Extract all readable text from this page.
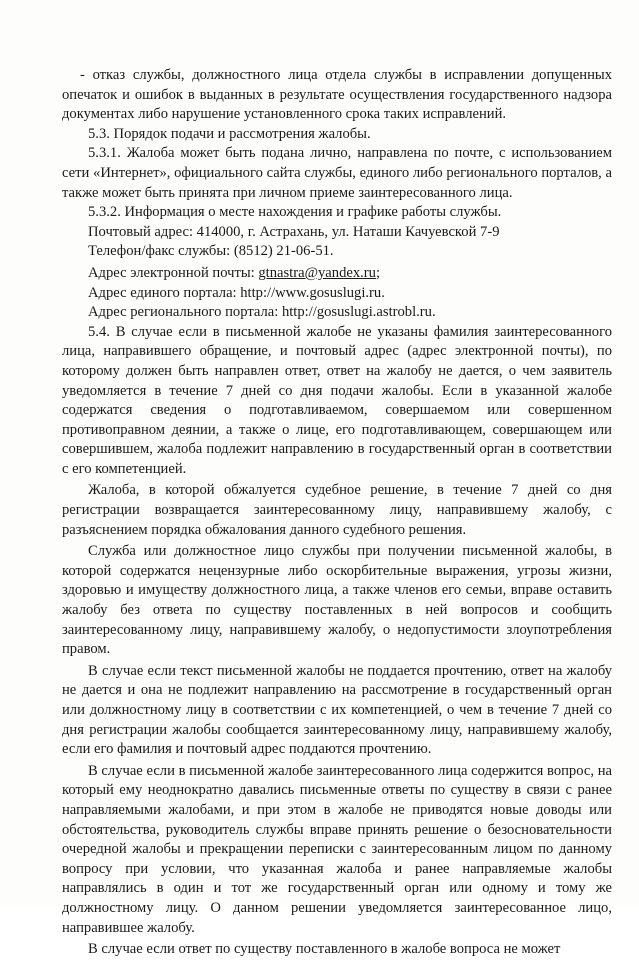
- отказ службы, должностного лица отдела службы в исправлении допущенных опечаток и ошибок в выданных в результате осуществления государственного надзора документах либо нарушение установленного срока таких исправлений.

5.3. Порядок подачи и рассмотрения жалобы.

5.3.1. Жалоба может быть подана лично, направлена по почте, с использованием сети «Интернет», официального сайта службы, единого либо регионального порталов, а также может быть принята при личном приеме заинтересованного лица.

5.3.2. Информация о месте нахождения и графике работы службы.

Почтовый адрес: 414000, г. Астрахань, ул. Наташи Качуевской 7-9

Телефон/факс службы: (8512) 21-06-51.

Адрес электронной почты: gtnastra@yandex.ru;

Адрес единого портала: http://www.gosuslugi.ru.

Адрес регионального портала: http://gosuslugi.astrobl.ru.

5.4. В случае если в письменной жалобе не указаны фамилия заинтересованного лица, направившего обращение, и почтовый адрес (адрес электронной почты), по которому должен быть направлен ответ, ответ на жалобу не дается, о чем заявитель уведомляется в течение 7 дней со дня подачи жалобы. Если в указанной жалобе содержатся сведения о подготавливаемом, совершаемом или совершенном противоправном деянии, а также о лице, его подготавливающем, совершающем или совершившем, жалоба подлежит направлению в государственный орган в соответствии с его компетенцией.

Жалоба, в которой обжалуется судебное решение, в течение 7 дней со дня регистрации возвращается заинтересованному лицу, направившему жалобу, с разъяснением порядка обжалования данного судебного решения.

Служба или должностное лицо службы при получении письменной жалобы, в которой содержатся нецензурные либо оскорбительные выражения, угрозы жизни, здоровью и имуществу должностного лица, а также членов его семьи, вправе оставить жалобу без ответа по существу поставленных в ней вопросов и сообщить заинтересованному лицу, направившему жалобу, о недопустимости злоупотребления правом.

В случае если текст письменной жалобы не поддается прочтению, ответ на жалобу не дается и она не подлежит направлению на рассмотрение в государственный орган или должностному лицу в соответствии с их компетенцией, о чем в течение 7 дней со дня регистрации жалобы сообщается заинтересованному лицу, направившему жалобу, если его фамилия и почтовый адрес поддаются прочтению.

В случае если в письменной жалобе заинтересованного лица содержится вопрос, на который ему неоднократно давались письменные ответы по существу в связи с ранее направляемыми жалобами, и при этом в жалобе не приводятся новые доводы или обстоятельства, руководитель службы вправе принять решение о безосновательности очередной жалобы и прекращении переписки с заинтересованным лицом по данному вопросу при условии, что указанная жалоба и ранее направляемые жалобы направлялись в один и тот же государственный орган или одному и тому же должностному лицу. О данном решении уведомляется заинтересованное лицо, направившее жалобу.

В случае если ответ по существу поставленного в жалобе вопроса не может
